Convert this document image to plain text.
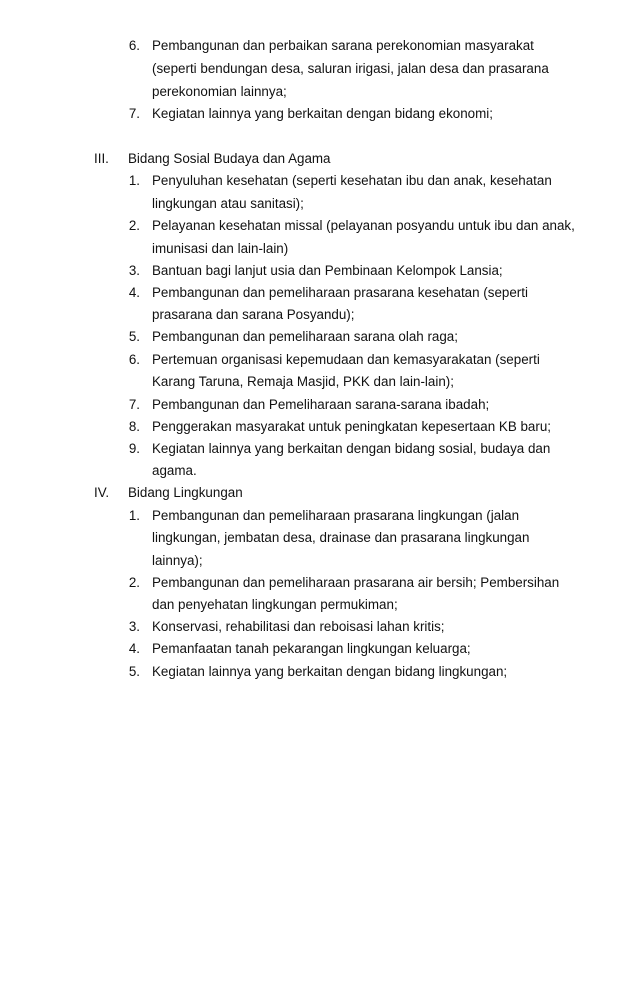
6. Pembangunan dan perbaikan sarana perekonomian masyarakat
(seperti bendungan desa, saluran irigasi, jalan desa dan prasarana
perekonomian lainnya;
7. Kegiatan lainnya yang berkaitan dengan bidang ekonomi;
III. Bidang Sosial Budaya dan Agama
1. Penyuluhan kesehatan (seperti kesehatan ibu dan anak, kesehatan
lingkungan atau sanitasi);
2. Pelayanan kesehatan missal (pelayanan posyandu untuk ibu dan anak,
imunisasi dan lain-lain)
3. Bantuan bagi lanjut usia dan Pembinaan Kelompok Lansia;
4. Pembangunan dan pemeliharaan prasarana kesehatan (seperti
prasarana dan sarana Posyandu);
5. Pembangunan dan pemeliharaan sarana olah raga;
6. Pertemuan organisasi kepemudaan dan kemasyarakatan (seperti
Karang Taruna, Remaja Masjid, PKK dan lain-lain);
7. Pembangunan dan Pemeliharaan sarana-sarana ibadah;
8. Penggerakan masyarakat untuk peningkatan kepesertaan KB baru;
9. Kegiatan lainnya yang berkaitan dengan bidang sosial, budaya dan
agama.
IV. Bidang Lingkungan
1. Pembangunan dan pemeliharaan prasarana lingkungan (jalan
lingkungan, jembatan desa, drainase dan prasarana lingkungan
lainnya);
2. Pembangunan dan pemeliharaan prasarana air bersih; Pembersihan
dan penyehatan lingkungan permukiman;
3. Konservasi, rehabilitasi dan reboisasi lahan kritis;
4. Pemanfaatan tanah pekarangan lingkungan keluarga;
5. Kegiatan lainnya yang berkaitan dengan bidang lingkungan;
